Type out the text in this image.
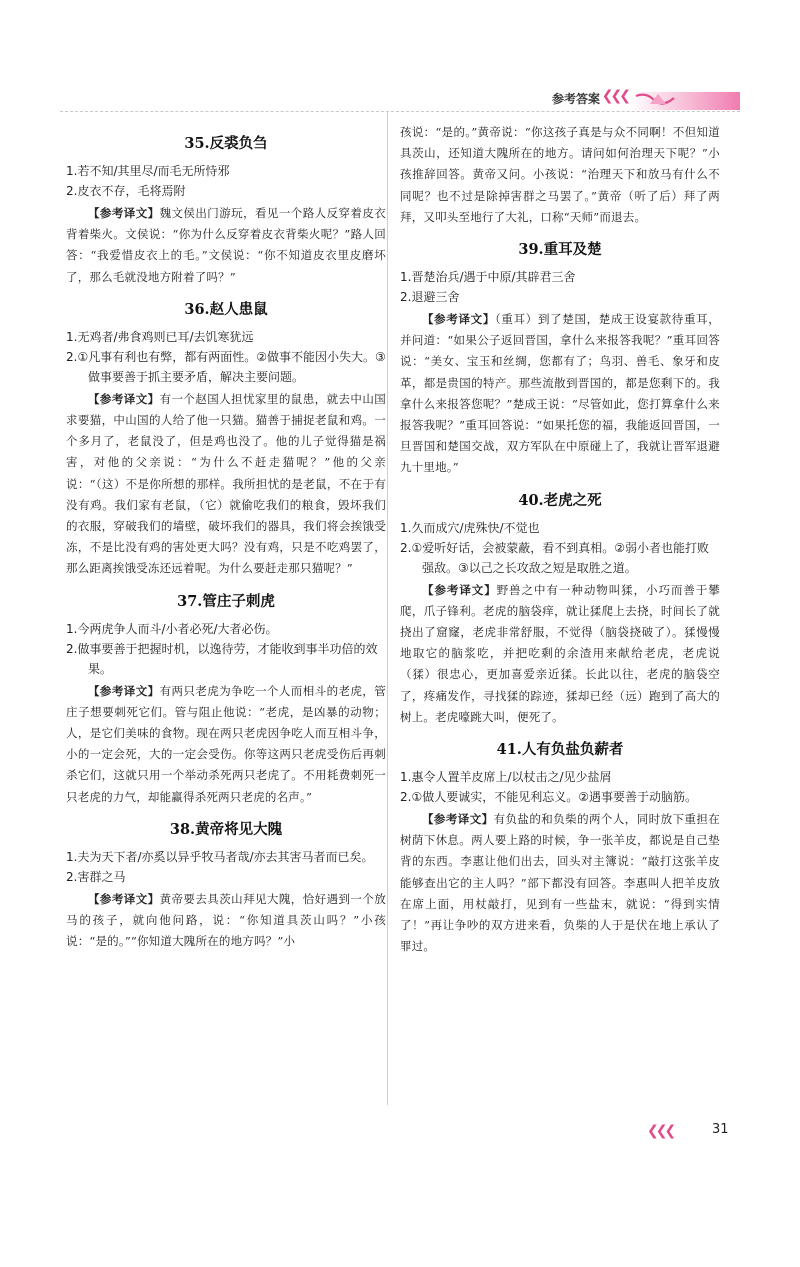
参考答案 ❮❮❮
35.反裘负刍
1.若不知/其里尽/而毛无所恃邪
2.皮衣不存，毛将焉附
【参考译文】魏文侯出门游玩，看见一个路人反穿着皮衣背着柴火。文侯说：“你为什么反穿着皮衣背柴火呢？”路人回答：“我爱惜皮衣上的毛。”文侯说：“你不知道皮衣里皮磨坏了，那么毛就没地方附着了吗？”
36.赵人患鼠
1.无鸡者/弗食鸡则已耳/去饥寒犹远
2.①凡事有利也有弊，都有两面性。②做事不能因小失大。③做事要善于抓主要矛盾，解决主要问题。
【参考译文】有一个赵国人担忧家里的鼠患，就去中山国求要猫，中山国的人给了他一只猫。猫善于捕捉老鼠和鸡。一个多月了，老鼠没了，但是鸡也没了。他的儿子觉得猫是祸害，对他的父亲说：“为什么不赶走猫呢？”他的父亲说：“（这）不是你所想的那样。我所担忧的是老鼠，不在于有没有鸡。我们家有老鼠，（它）就偷吃我们的粮食，毁坏我们的衣服，穿破我们的墙壁，破坏我们的器具，我们将会挨饿受冻，不是比没有鸡的害处更大吗？没有鸡，只是不吃鸡罢了，那么距离挨饿受冻还远着呢。为什么要赶走那只猫呢？”
37.管庄子刺虎
1.今两虎争人而斗/小者必死/大者必伤。
2.做事要善于把握时机，以逸待劳，才能收到事半功倍的效果。
【参考译文】有两只老虎为争吃一个人而相斗的老虎，管庄子想要刺死它们。管与阻止他说：“老虎，是凶暴的动物；人，是它们美味的食物。现在两只老虎因争吃人而互相斗争，小的一定会死，大的一定会受伤。你等这两只老虎受伤后再刺杀它们，这就只用一个举动杀死两只老虎了。不用耗费刺死一只老虎的力气，却能赢得杀死两只老虎的名声。”
38.黄帝将见大隗
1.夫为天下者/亦奚以异乎牧马者哉/亦去其害马者而已矣。
2.害群之马
【参考译文】黄帝要去具茨山拜见大隗，恰好遇到一个放马的孩子，就向他问路，说：“你知道具茨山吗？”小孩说：“是的。”“你知道大隗所在的地方吗？”小
孩说：“是的。”黄帝说：“你这孩子真是与众不同啊！不但知道具茨山，还知道大隗所在的地方。请问如何治理天下呢？”小孩推辞回答。黄帝又问。小孩说：“治理天下和放马有什么不同呢？也不过是除掉害群之马罢了。”黄帝（听了后）拜了两拜，又叩头至地行了大礼，口称“天师”而退去。
39.重耳及楚
1.晋楚治兵/遇于中原/其辟君三舍
2.退避三舍
【参考译文】（重耳）到了楚国，楚成王设宴款待重耳，并问道：“如果公子返回晋国，拿什么来报答我呢？”重耳回答说：“美女、宝玉和丝绸，您都有了；鸟羽、兽毛、象牙和皮革，都是贵国的特产。那些流散到晋国的，都是您剩下的。我拿什么来报答您呢？”楚成王说：“尽管如此，您打算拿什么来报答我呢？”重耳回答说：“如果托您的福，我能返回晋国，一旦晋国和楚国交战，双方军队在中原碰上了，我就让晋军退避九十里地。”
40.老虎之死
1.久而成穴/虎殊快/不觉也
2.①爱听好话，会被蒙蔽，看不到真相。②弱小者也能打败强敌。③以己之长攻敌之短是取胜之道。
【参考译文】野兽之中有一种动物叫猱，小巧而善于攀爬，爪子锋利。老虎的脑袋痒，就让猱爬上去挠，时间长了就挠出了窟窿，老虎非常舒服，不觉得（脑袋挠破了）。猱慢慢地取它的脑浆吃，并把吃剩的余渣用来献给老虎，老虎说（猱）很忠心，更加喜爱亲近猱。长此以往，老虎的脑袋空了，疼痛发作，寻找猱的踪迹，猱却已经（远）跑到了高大的树上。老虎嚎跳大叫，便死了。
41.人有负盐负薪者
1.惠令人置羊皮席上/以杖击之/见少盐屑
2.①做人要诚实，不能见利忘义。②遇事要善于动脑筋。
【参考译文】有负盐的和负柴的两个人，同时放下重担在树荫下休息。两人要上路的时候，争一张羊皮，都说是自己垫背的东西。李惠让他们出去，回头对主簿说：“敲打这张羊皮能够查出它的主人吗？”部下都没有回答。李惠叫人把羊皮放在席上面，用杖敲打，见到有一些盐末，就说：“得到实情了！”再让争吵的双方进来看，负柴的人于是伏在地上承认了罪过。
❮❮❮	31
